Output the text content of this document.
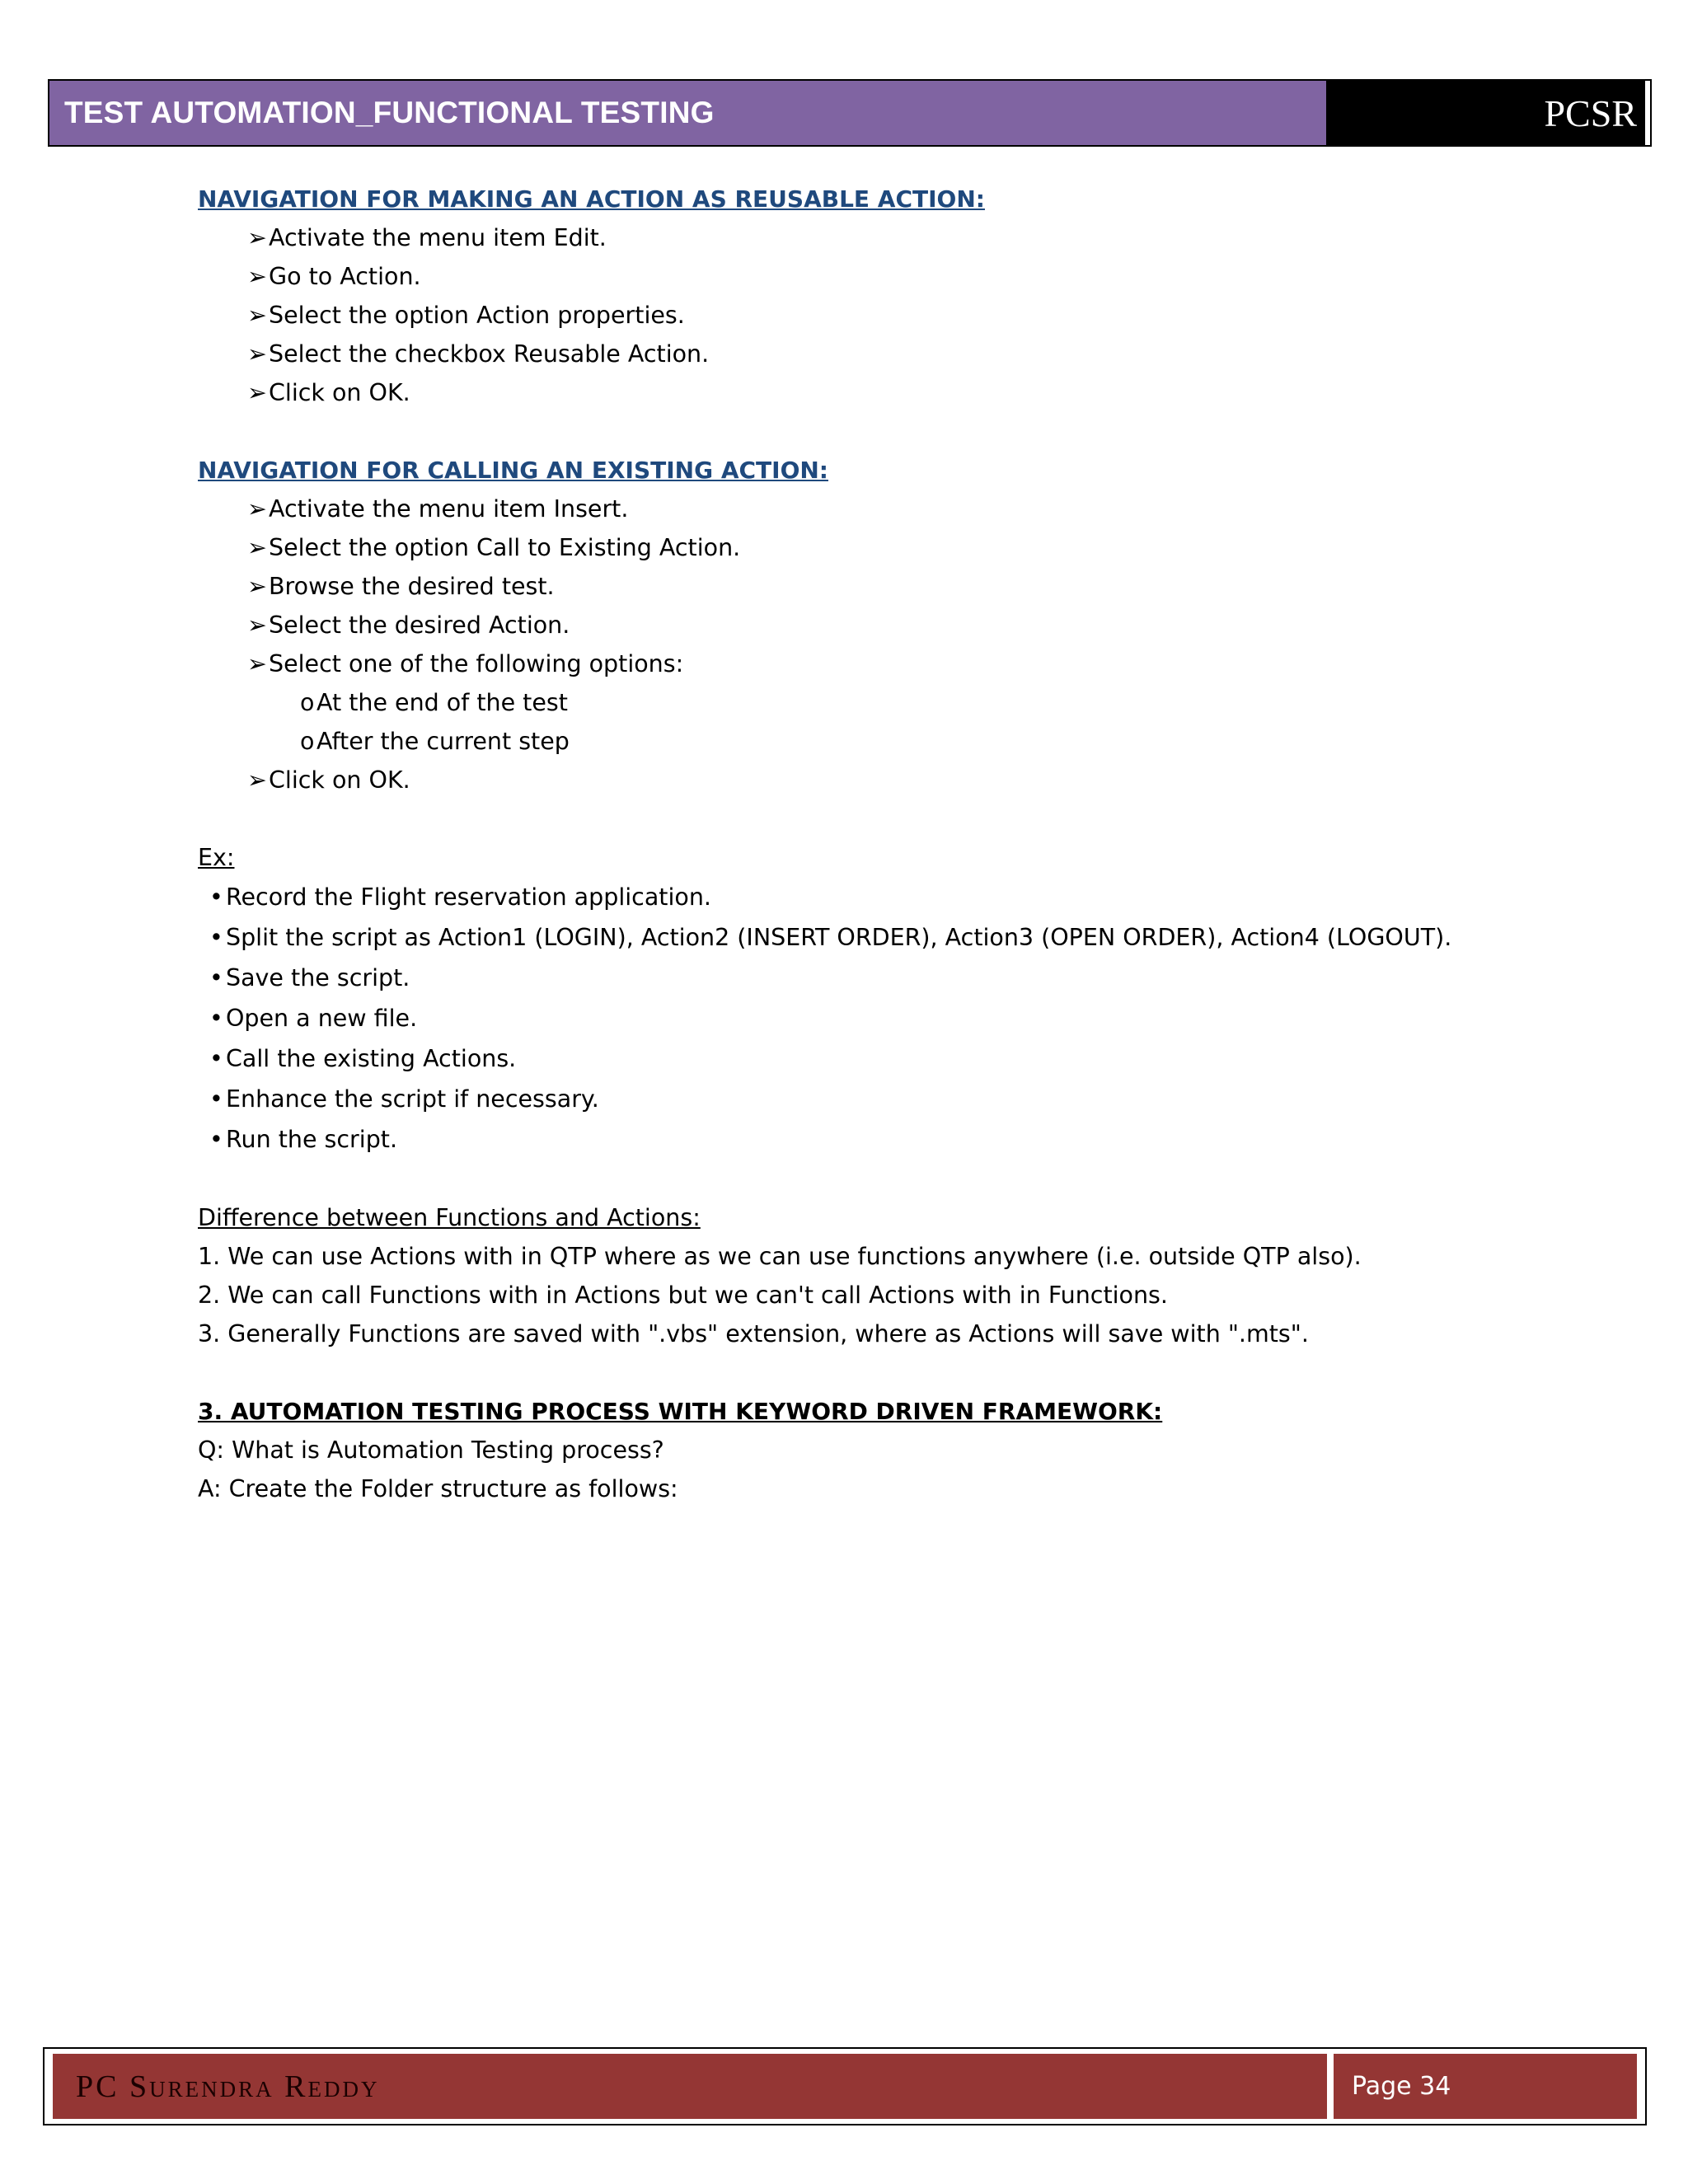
TEST AUTOMATION_FUNCTIONAL TESTING	PCSR
NAVIGATION FOR MAKING AN ACTION AS REUSABLE ACTION:
➢Activate the menu item Edit.
➢Go to Action.
➢Select the option Action properties.
➢Select the checkbox Reusable Action.
➢Click on OK.
NAVIGATION FOR CALLING AN EXISTING ACTION:
➢Activate the menu item Insert.
➢Select the option Call to Existing Action.
➢Browse the desired test.
➢Select the desired Action.
➢Select one of the following options:
oAt the end of the test
oAfter the current step
➢Click on OK.
Ex:
• Record the Flight reservation application.
• Split the script as Action1 (LOGIN), Action2 (INSERT ORDER), Action3 (OPEN ORDER), Action4 (LOGOUT).
• Save the script.
• Open a new file.
• Call the existing Actions.
• Enhance the script if necessary.
• Run the script.
Difference between Functions and Actions:
1. We can use Actions with in QTP where as we can use functions anywhere (i.e. outside QTP also).
2. We can call Functions with in Actions but we can't call Actions with in Functions.
3. Generally Functions are saved with ".vbs" extension, where as Actions will save with ".mts".
3. AUTOMATION TESTING PROCESS WITH KEYWORD DRIVEN FRAMEWORK:
Q: What is Automation Testing process?
A: Create the Folder structure as follows:
PC Surendra Reddy	Page 34
